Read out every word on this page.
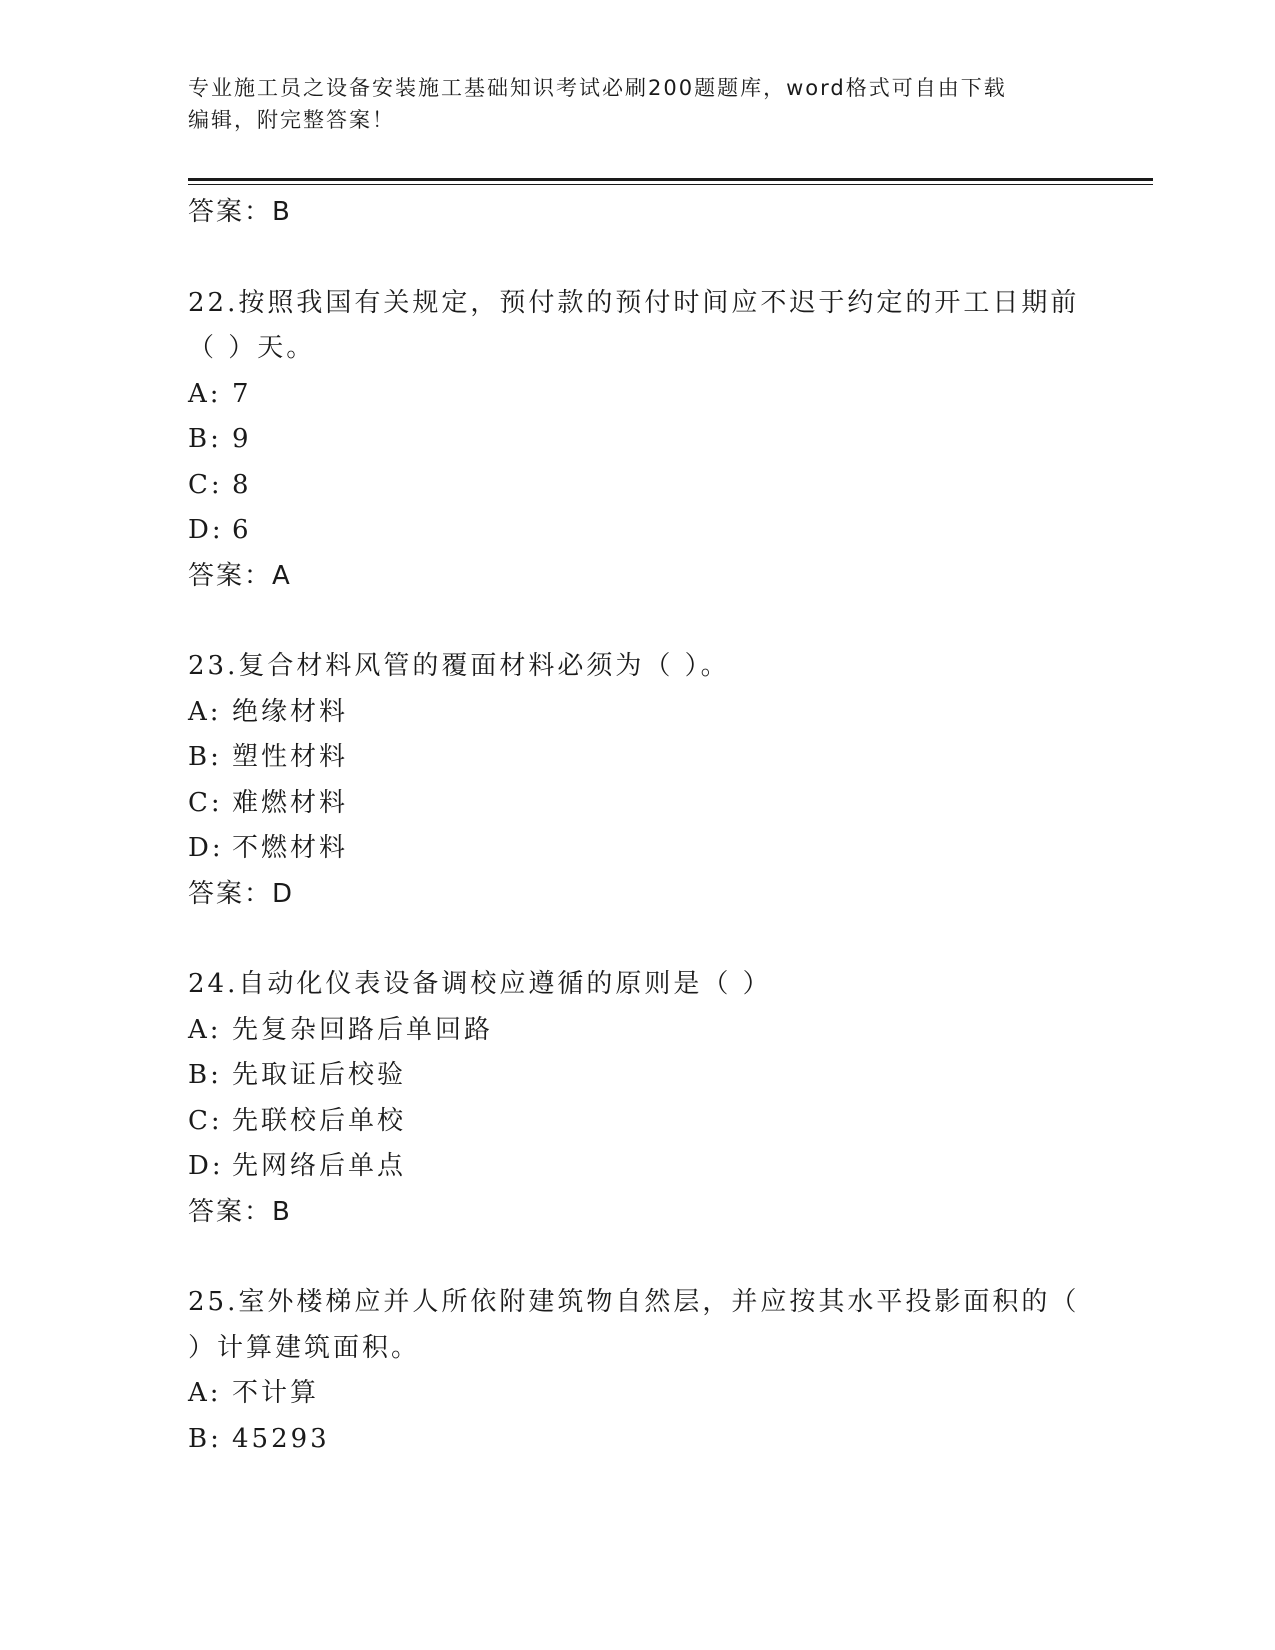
专业施工员之设备安装施工基础知识考试必刷200题题库，word格式可自由下载
编辑，附完整答案！
答案：B
22.按照我国有关规定，预付款的预付时间应不迟于约定的开工日期前
（ ）天。
A: 7
B: 9
C: 8
D: 6
答案：A
23.复合材料风管的覆面材料必须为（ ）。
A: 绝缘材料
B: 塑性材料
C: 难燃材料
D: 不燃材料
答案：D
24.自动化仪表设备调校应遵循的原则是（ ）
A: 先复杂回路后单回路
B: 先取证后校验
C: 先联校后单校
D: 先网络后单点
答案：B
25.室外楼梯应并人所依附建筑物自然层，并应按其水平投影面积的（
）计算建筑面积。
A: 不计算
B: 45293
